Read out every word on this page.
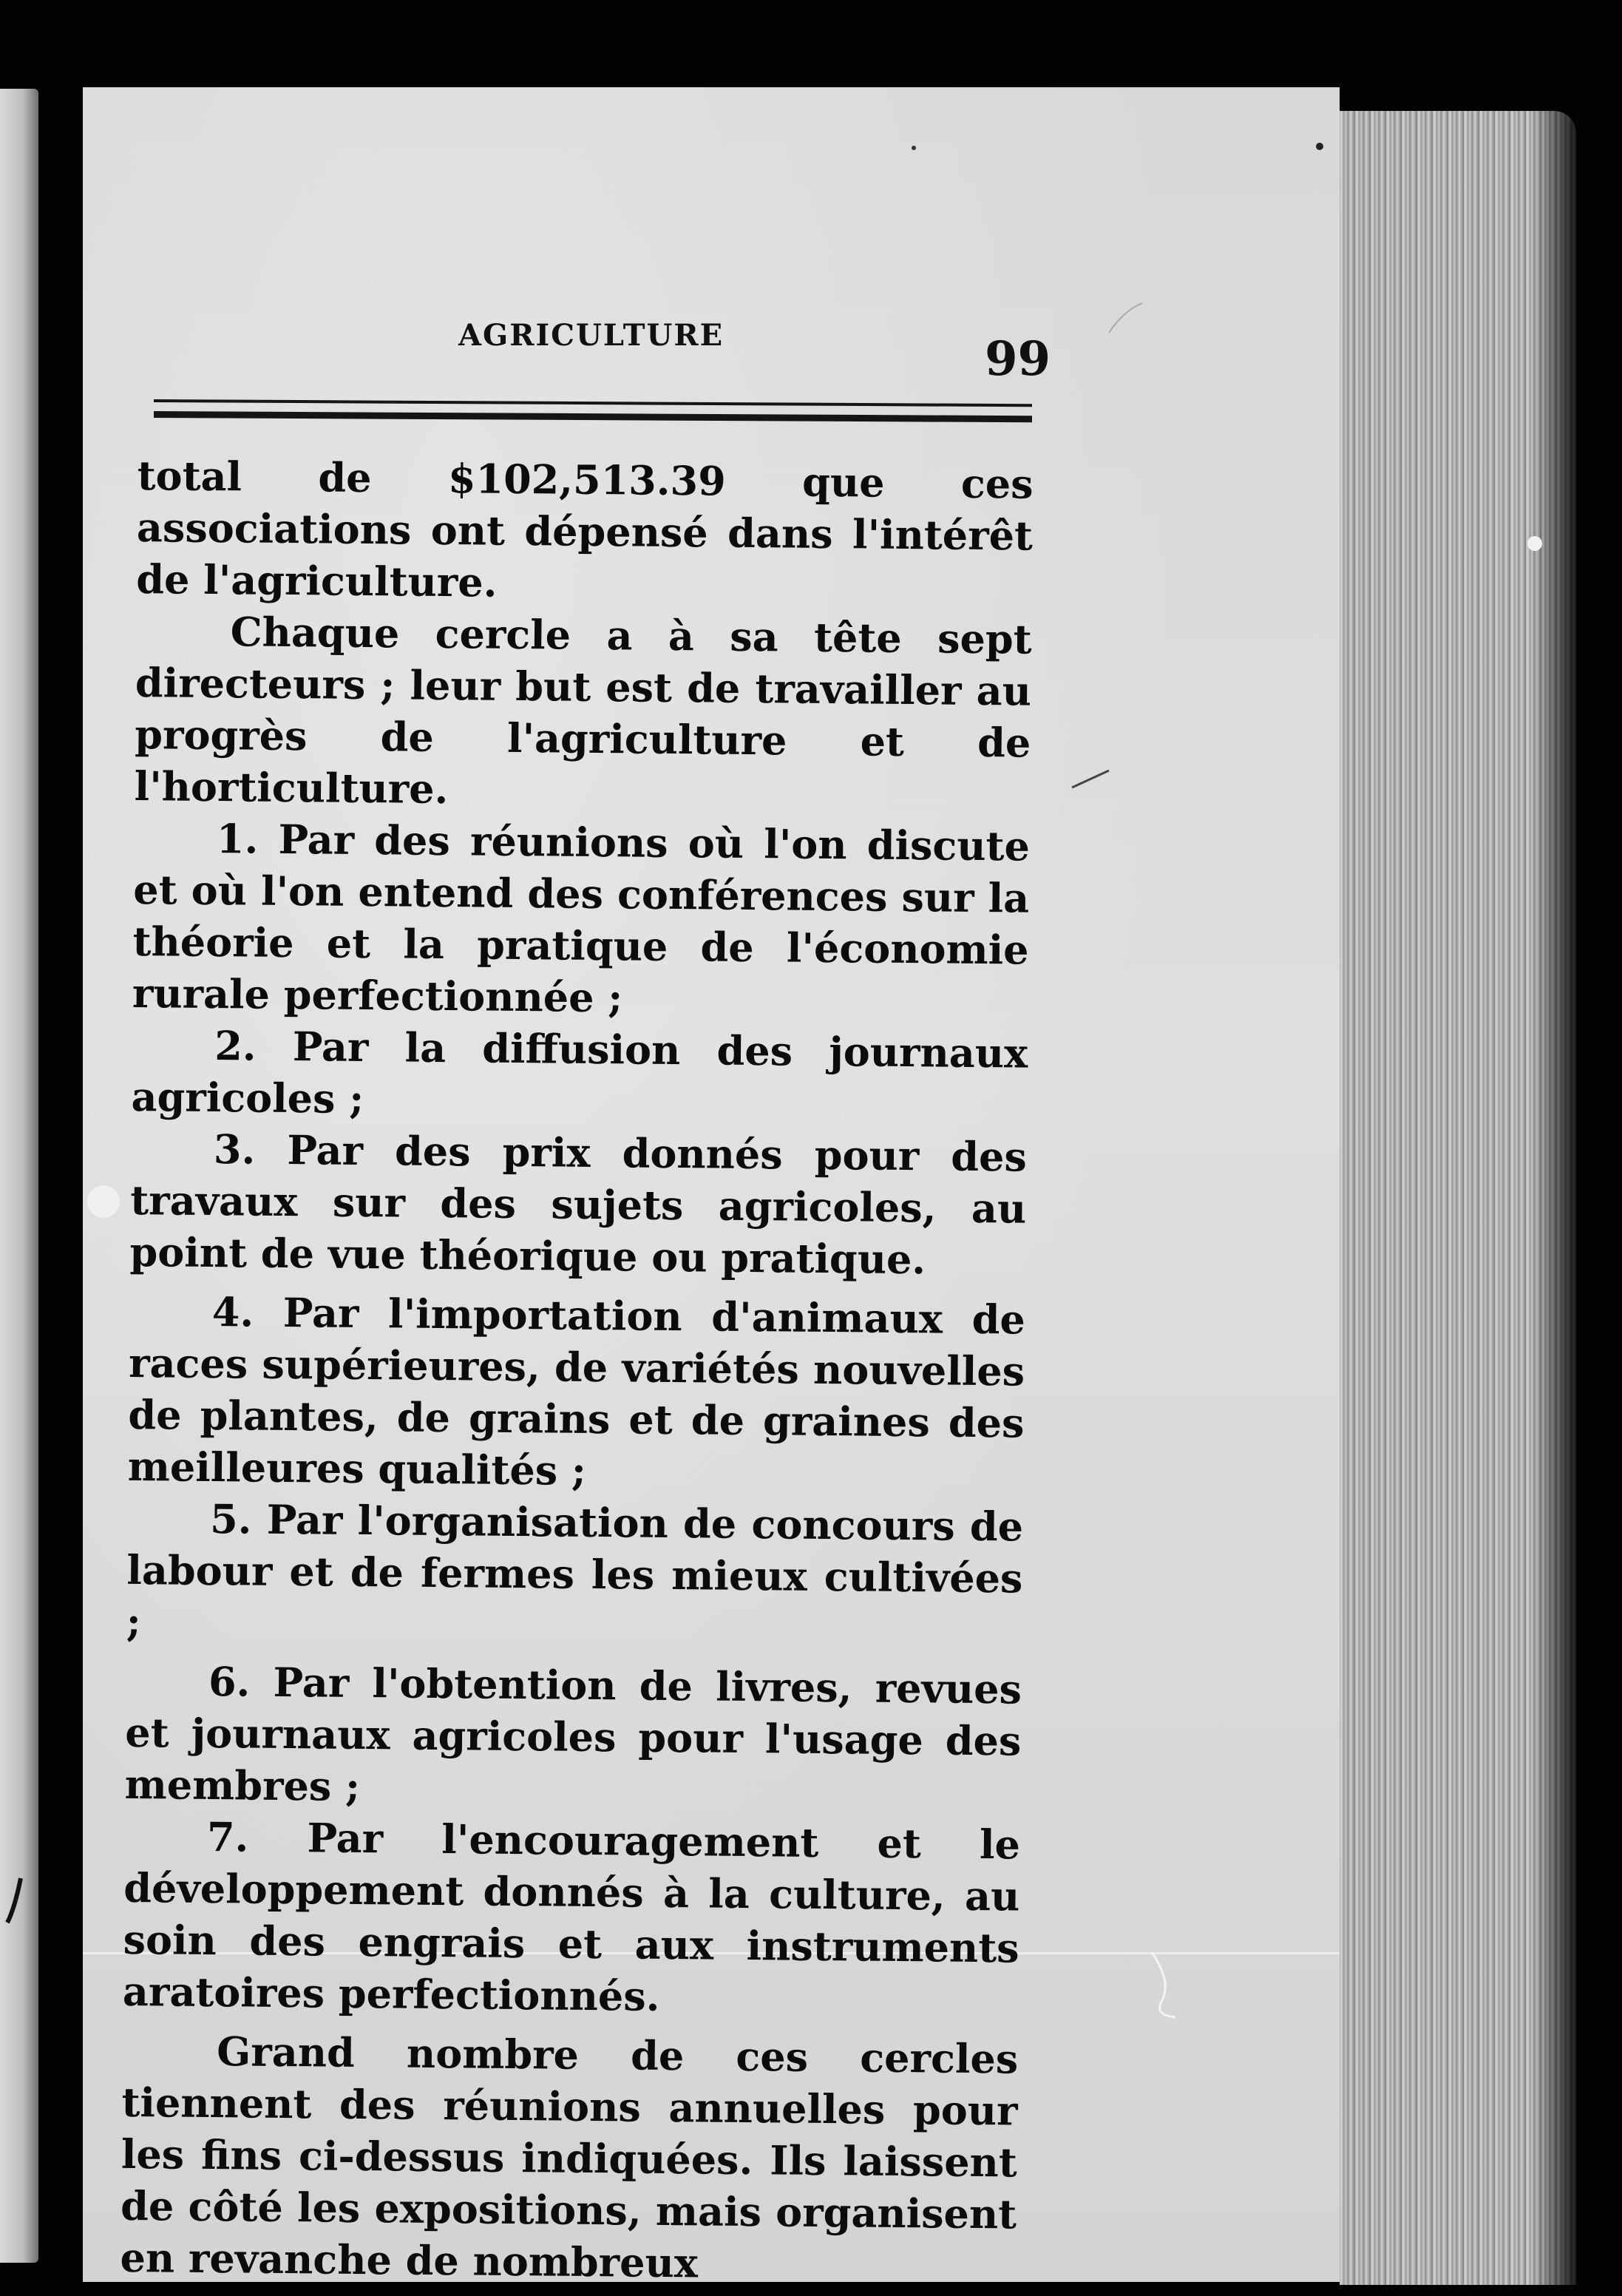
AGRICULTURE	99

total de $102,513.39 que ces associations ont dépensé dans l'intérêt de l'agriculture.

Chaque cercle a à sa tête sept directeurs ; leur but est de travailler au progrès de l'agriculture et de l'horticulture.

1. Par des réunions où l'on discute et où l'on entend des conférences sur la théorie et la pratique de l'économie rurale perfectionnée ;

2. Par la diffusion des journaux agricoles ;

3. Par des prix donnés pour des travaux sur des sujets agricoles, au point de vue théorique ou pratique.

4. Par l'importation d'animaux de races supérieures, de variétés nouvelles de plantes, de grains et de graines des meilleures qualités ;

5. Par l'organisation de concours de labour et de fermes les mieux cultivées ;

6. Par l'obtention de livres, revues et journaux agricoles pour l'usage des membres ;

7. Par l'encouragement et le développement donnés à la culture, au soin des engrais et aux instruments aratoires perfectionnés.

Grand nombre de ces cercles tiennent des réunions annuelles pour les fins ci-dessus indiquées. Ils laissent de côté les expositions, mais organisent en revanche de nombreux
